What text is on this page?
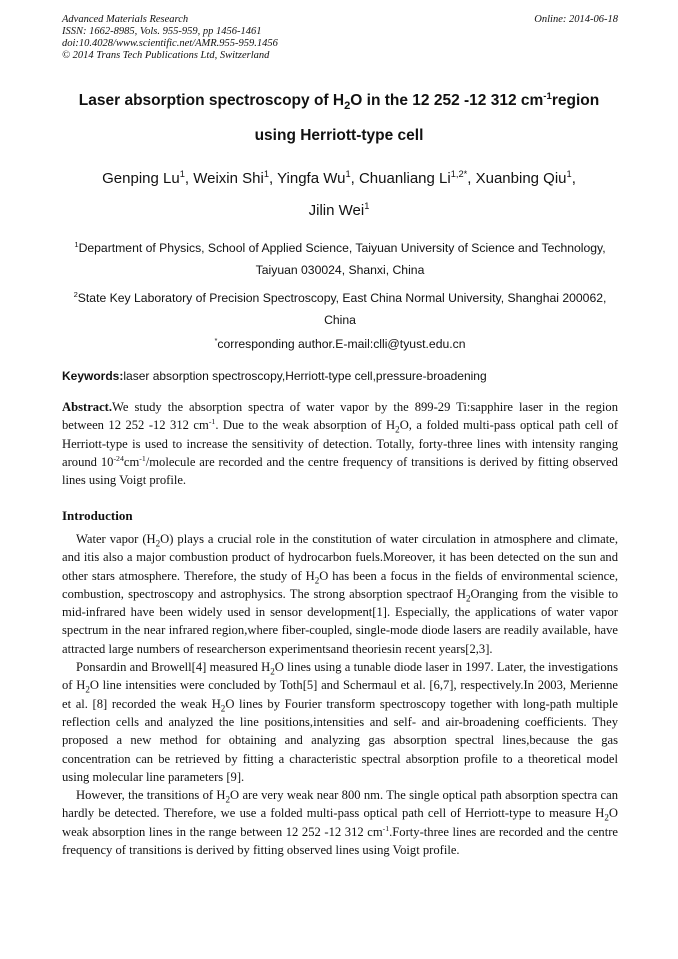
Advanced Materials Research
ISSN: 1662-8985, Vols. 955-959, pp 1456-1461
doi:10.4028/www.scientific.net/AMR.955-959.1456
© 2014 Trans Tech Publications Ltd, Switzerland
Online: 2014-06-18
Laser absorption spectroscopy of $H_2O$ in the 12 252 -12 312 $cm^{-1}region$
using Herriott-type cell
Genping Lu$^1$, Weixin Shi$^1$, Yingfa Wu$^1$, Chuanliang $Li^{1,2*}$, Xuanbing Qiu$^1$,
Jilin Wei$^1$
$^1$Department of Physics, School of Applied Science, Taiyuan University of Science and Technology,
Taiyuan 030024, Shanxi, China
$^2$State Key Laboratory of Precision Spectroscopy, East China Normal University, Shanghai 200062,
China
*corresponding author.E-mail:clli@tyust.edu.cn
Keywords:laser absorption spectroscopy,Herriott-type cell,pressure-broadening

Abstract.We study the absorption spectra of water vapor by the 899-29 Ti:sapphire laser in the region between 12 252 -12 312 $cm^{-1}$. Due to the weak absorption of $H_2O$, a folded multi-pass optical path cell of Herriott-type is used to increase the sensitivity of detection. Totally, forty-three lines with intensity ranging around $10^{-24}cm^{-1}$/molecule are recorded and the centre frequency of transitions is derived by fitting observed lines using Voigt profile.

Introduction

Water vapor $(H_2O)$ plays a crucial role in the constitution of water circulation in atmosphere and climate, and itis also a major combustion product of hydrocarbon fuels.Moreover, it has been detected on the sun and other stars atmosphere. Therefore, the study of $H_2O$ has been a focus in the fields of environmental science, combustion, spectroscopy and astrophysics. The strong absorption spectraof $H_2Oranging$ from the visible to mid-infrared have been widely used in sensor development[1]. Especially, the applications of water vapor spectrum in the near infrared region,where fiber-coupled, single-mode diode lasers are readily available, have attracted large numbers of researcherson experimentsand theoriesin recent years[2,3].

Ponsardin and Browell[4] measured $H_2O$ lines using a tunable diode laser in 1997. Later, the investigations of $H_2O$ line intensities were concluded by Toth[5] and Schermaul et al. [6,7], respectively.In 2003, Merienne et al. [8] recorded the weak $H_2O$ lines by Fourier transform spectroscopy together with long-path multiple reflection cells and analyzed the line positions,intensities and self- and air-broadening coefficients. They proposed a new method for obtaining and analyzing gas absorption spectral lines,because the gas concentration can be retrieved by fitting a characteristic spectral absorption profile to a theoretical model using molecular line parameters [9].

However, the transitions of $H_2O$ are very weak near 800 nm. The single optical path absorption spectra can hardly be detected. Therefore, we use a folded multi-pass optical path cell of Herriott-type to measure $H_2O$ weak absorption lines in the range between 12 252 -12 312 $cm^{-1}.Forty$-three lines are recorded and the centre frequency of transitions is derived by fitting observed lines using Voigt profile.
